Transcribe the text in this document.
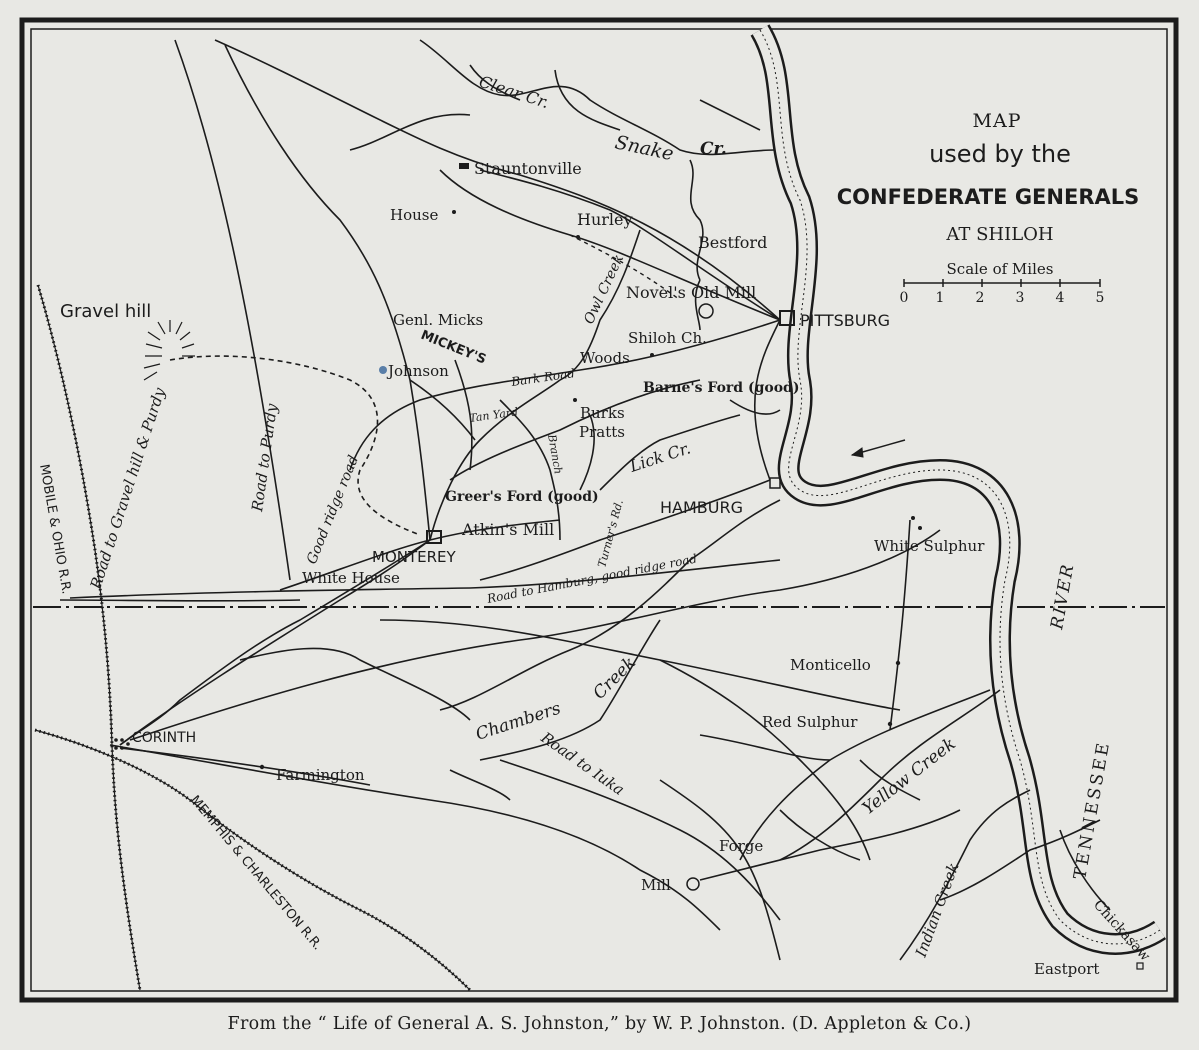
MAP
used by the
CONFEDERATE GENERALS
AT SHILOH
Scale of Miles
0 1 2 3 4 5
Stauntonville
House	Hurley
Bestford
Novel's Old Mill
PITTSBURG
Gravel hill	Genl. Micks
MICKEY'S	Shiloh Ch.
Woods
Johnson
Barne's Ford (good)
Burks
Pratts
Tan Yard
Greer's Ford (good)
HAMBURG
Atkin's Mill
MONTEREY
White House
White Sulphur
Monticello
Red Sulphur
CORINTH
Farmington
Forge
Mill
Eastport
Clear Cr.
Snake Cr.
Owl Creek
Lick Cr.
Branch
Chambers
Creek
Yellow Creek
Indian Creek
TENNESSEE
RIVER
Chickasaw
Bark Road
Road to Purdy
Road to Gravel hill & Purdy	Good ridge road
Road to Hamburg, good ridge road
Turner's Rd.
Road to Iuka
MOBILE & OHIO R.R.
MEMPHIS & CHARLESTON R.R.
From the “ Life of General A. S. Johnston,” by W. P. Johnston. (D. Appleton & Co.)
